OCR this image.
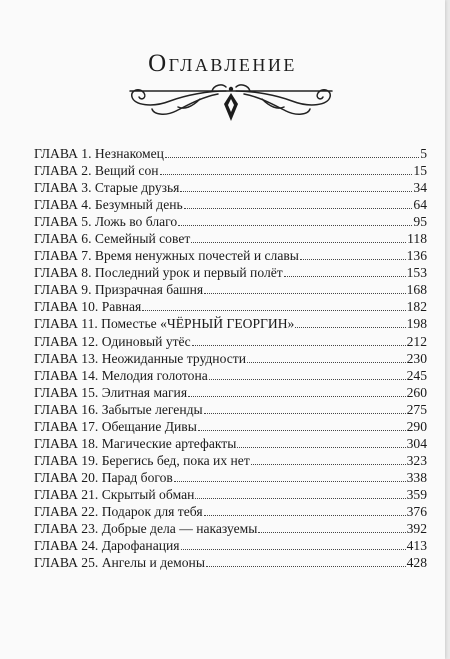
Оглавление
ГЛАВА 1. Незнакомец	5
ГЛАВА 2. Вещий сон	15
ГЛАВА 3. Старые друзья	34
ГЛАВА 4. Безумный день	64
ГЛАВА 5. Ложь во благо	95
ГЛАВА 6. Семейный совет	118
ГЛАВА 7. Время ненужных почестей и славы	136
ГЛАВА 8. Последний урок и первый полёт	153
ГЛАВА 9. Призрачная башня	168
ГЛАВА 10. Равная	182
ГЛАВА 11. Поместье «ЧЁРНЫЙ ГЕОРГИН»	198
ГЛАВА 12. Одиновый утёс	212
ГЛАВА 13. Неожиданные трудности	230
ГЛАВА 14. Мелодия голотона	245
ГЛАВА 15. Элитная магия	260
ГЛАВА 16. Забытые легенды	275
ГЛАВА 17. Обещание Дивы	290
ГЛАВА 18. Магические артефакты	304
ГЛАВА 19. Берегись бед, пока их нет	323
ГЛАВА 20. Парад богов	338
ГЛАВА 21. Скрытый обман	359
ГЛАВА 22. Подарок для тебя	376
ГЛАВА 23. Добрые дела — наказуемы	392
ГЛАВА 24. Дарофанация	413
ГЛАВА 25. Ангелы и демоны	428
